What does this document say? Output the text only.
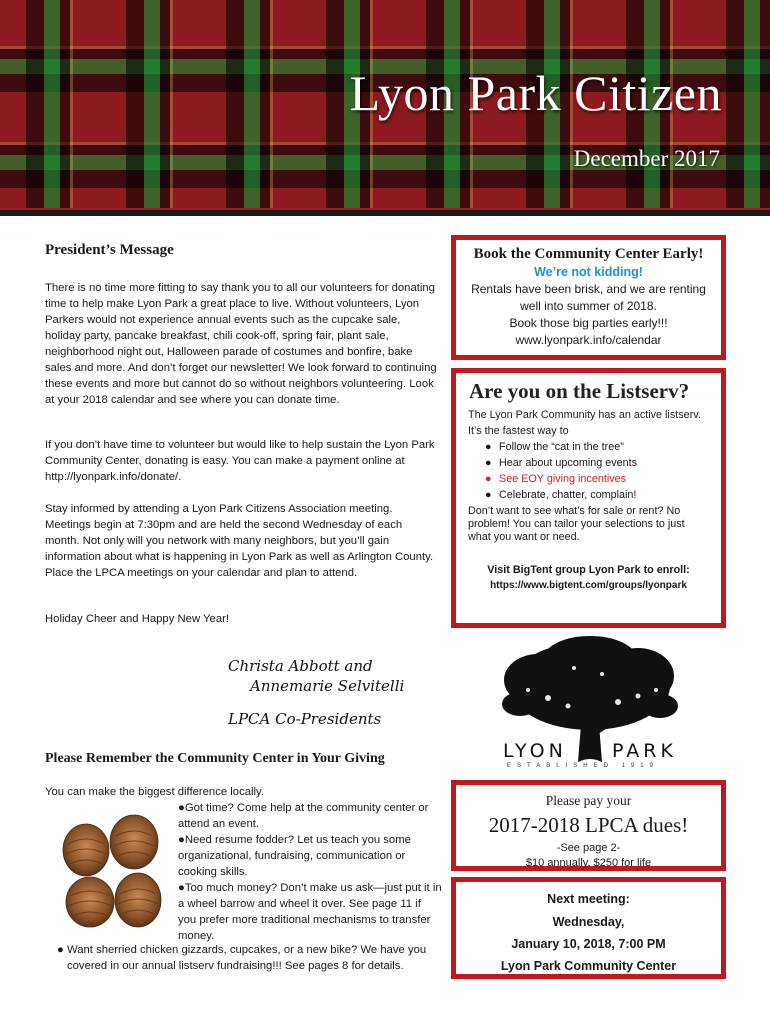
Lyon Park Citizen
December 2017
President’s Message

There is no time more fitting to say thank you to all our volunteers for donating time to help make Lyon Park a great place to live. Without volunteers, Lyon Parkers would not experience annual events such as the cupcake sale, holiday party, pancake breakfast, chili cook-off, spring fair, plant sale, neighborhood night out, Halloween parade of costumes and bonfire, bake sales and more. And don’t forget our newsletter! We look forward to continuing these events and more but cannot do so without neighbors volunteering. Look at your 2018 calendar and see where you can donate time.

If you don’t have time to volunteer but would like to help sustain the Lyon Park Community Center, donating is easy. You can make a payment online at http://lyonpark.info/donate/.

Stay informed by attending a Lyon Park Citizens Association meeting. Meetings begin at 7:30pm and are held the second Wednesday of each month. Not only will you network with many neighbors, but you’ll gain information about what is happening in Lyon Park as well as Arlington County. Place the LPCA meetings on your calendar and plan to attend.

Holiday Cheer and Happy New Year!

Christa Abbott and
Annemarie Selvitelli
LPCA Co-Presidents
Please Remember the Community Center in Your Giving
You can make the biggest difference locally.

●Got time? Come help at the community center or attend an event.

●Need resume fodder? Let us teach you some organizational, fundraising, communication or cooking skills.

●Too much money? Don’t make us ask—just put it in a wheel barrow and wheel it over. See page 11 if you prefer more traditional mechanisms to transfer money.

● Want sherried chicken gizzards, cupcakes, or a new bike? We have you covered in our annual listserv fundraising!!! See pages 8 for details.
Book the Community Center Early!
We’re not kidding!
Rentals have been brisk, and we are renting
well into summer of 2018.
Book those big parties early!!!
www.lyonpark.info/calendar
Are you on the Listserv?
The Lyon Park Community has an active listserv. It’s the fastest way to
● Follow the “cat in the tree”
● Hear about upcoming events
● See EOY giving incentives
● Celebrate, chatter, complain!
Don’t want to see what’s for sale or rent? No problem! You can tailor your selections to just what you want or need.
Visit BigTent group Lyon Park to enroll:
https://www.bigtent.com/groups/lyonpark
LYON PARK
ESTABLISHED 1919
Please pay your
2017-2018 LPCA dues!
-See page 2-
$10 annually, $250 for life
Next meeting:
Wednesday,
January 10, 2018, 7:00 PM
Lyon Park Community Center
